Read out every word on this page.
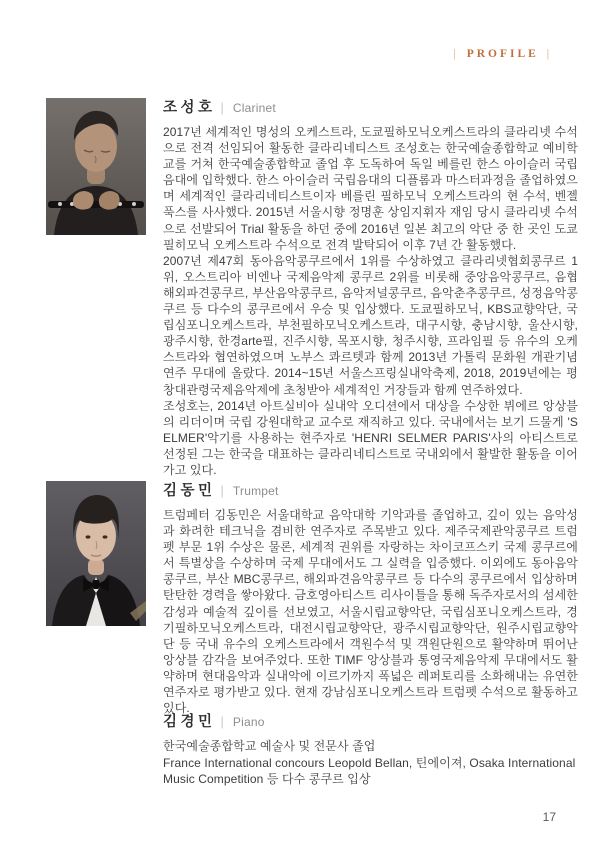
| PROFILE |
조성호 | Clarinet

2017년 세계적인 명성의 오케스트라, 도쿄필하모닉오케스트라의 클라리넷 수석으로 전격 선임되어 활동한 클라리네티스트 조성호는 한국예술종합학교 예비학교를 거쳐 한국예술종합학교 졸업 후 도독하여 독일 베를린 한스 아이슬러 국립음대에 입학했다. 한스 아이슬러 국립음대의 디플롬과 마스터과정을 졸업하였으며 세계적인 클라리네티스트이자 베를린 필하모닉 오케스트라의 현 수석, 벤젤 푹스를 사사했다. 2015년 서울시향 정명훈 상임지휘자 재임 당시 클라리넷 수석으로 선발되어 Trial 활동을 하던 중에 2016년 일본 최고의 악단 중 한 곳인 도쿄필히모닉 오케스트라 수석으로 전격 발탁되어 이후 7년 간 활동했다.

2007년 제47회 동아음악콩쿠르에서 1위를 수상하였고 클라리넷협회콩쿠르 1위, 오스트리아 비엔나 국제음악제 콩쿠르 2위를 비롯해 중앙음악콩쿠르, 음협해외파견콩쿠르, 부산음악콩쿠르, 음악저널콩쿠르, 음악춘추콩쿠르, 성정음악콩쿠르 등 다수의 콩쿠르에서 우승 및 입상했다. 도쿄필하모닉, KBS교향악단, 국립심포니오케스트라, 부천필하모닉오케스트라, 대구시향, 충남시향, 울산시향, 광주시향, 한경arte필, 진주시향, 목포시향, 청주시향, 프라임필 등 유수의 오케스트라와 협연하였으며 노부스 콰르텟과 함께 2013년 가톨릭 문화원 개관기념연주 무대에 올랐다. 2014~15년 서울스프링실내악축제, 2018, 2019년에는 평창대관령국제음악제에 초청받아 세계적인 거장들과 함께 연주하였다.

조성호는, 2014년 아트실비아 실내악 오디션에서 대상을 수상한 뷔에르 앙상블의 리더이며 국립 강원대학교 교수로 재직하고 있다. 국내에서는 보기 드물게 'SELMER'악기를 사용하는 현주자로 'HENRI SELMER PARIS'사의 아티스트로 선정된 그는 한국을 대표하는 클라리네티스트로 국내외에서 활발한 활동을 이어가고 있다.

김동민 | Trumpet

트럼페터 김동민은 서울대학교 음악대학 기악과를 졸업하고, 깊이 있는 음악성과 화려한 테크닉을 겸비한 연주자로 주목받고 있다. 제주국제관악콩쿠르 트럼펫 부문 1위 수상은 물론, 세계적 권위를 자랑하는 차이코프스키 국제 콩쿠르에서 특별상을 수상하며 국제 무대에서도 그 실력을 입증했다. 이외에도 동아음악콩쿠르, 부산 MBC콩쿠르, 해외파견음악콩쿠르 등 다수의 콩쿠르에서 입상하며 탄탄한 경력을 쌓아왔다. 금호영아티스트 리사이틀을 통해 독주자로서의 섬세한 감성과 예술적 깊이를 선보였고, 서울시립교향악단, 국립심포니오케스트라, 경기필하모닉오케스트라, 대전시립교향악단, 광주시립교향악단, 원주시립교향악단 등 국내 유수의 오케스트라에서 객원수석 및 객원단원으로 활약하며 뛰어난 앙상블 감각을 보여주었다. 또한 TIMF 앙상블과 통영국제음악제 무대에서도 활약하며 현대음악과 실내악에 이르기까지 폭넓은 레퍼토리를 소화해내는 유연한 연주자로 평가받고 있다. 현재 강남심포니오케스트라 트럼펫 수석으로 활동하고 있다.

김경민 | Piano

한국예술종합학교 예술사 및 전문사 졸업

France International concours Leopold Bellan, 틴에이져, Osaka International Music Competition 등 다수 콩쿠르 입상

17
